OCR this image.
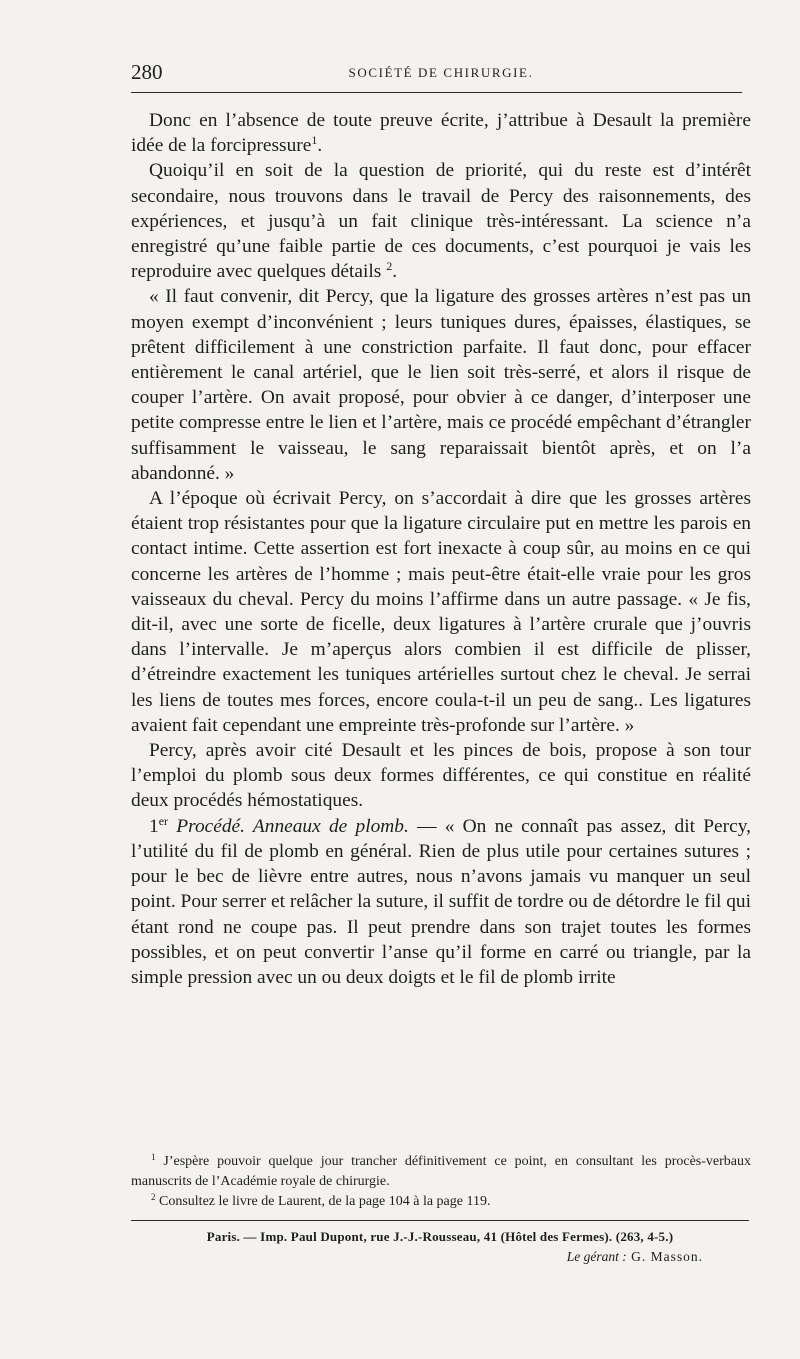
280	SOCIÉTÉ DE CHIRURGIE.

Donc en l’absence de toute preuve écrite, j’attribue à Desault la première idée de la forcipressure$^1$.

Quoiqu’il en soit de la question de priorité, qui du reste est d’intérêt secondaire, nous trouvons dans le travail de Percy des raisonnements, des expériences, et jusqu’à un fait clinique très-intéressant. La science n’a enregistré qu’une faible partie de ces documents, c’est pourquoi je vais les reproduire avec quelques détails $^2$.

« Il faut convenir, dit Percy, que la ligature des grosses artères n’est pas un moyen exempt d’inconvénient ; leurs tuniques dures, épaisses, élastiques, se prêtent difficilement à une constriction parfaite. Il faut donc, pour effacer entièrement le canal artériel, que le lien soit très-serré, et alors il risque de couper l’artère. On avait proposé, pour obvier à ce danger, d’interposer une petite compresse entre le lien et l’artère, mais ce procédé empêchant d’étrangler suffisamment le vaisseau, le sang reparaissait bientôt après, et on l’a abandonné. »

A l’époque où écrivait Percy, on s’accordait à dire que les grosses artères étaient trop résistantes pour que la ligature circulaire put en mettre les parois en contact intime. Cette assertion est fort inexacte à coup sûr, au moins en ce qui concerne les artères de l’homme ; mais peut-être était-elle vraie pour les gros vaisseaux du cheval. Percy du moins l’affirme dans un autre passage. « Je fis, dit-il, avec une sorte de ficelle, deux ligatures à l’artère crurale que j’ouvris dans l’intervalle. Je m’aperçus alors combien il est difficile de plisser, d’étreindre exactement les tuniques artérielles surtout chez le cheval. Je serrai les liens de toutes mes forces, encore coula-t-il un peu de sang.. Les ligatures avaient fait cependant une empreinte très-profonde sur l’artère. »

Percy, après avoir cité Desault et les pinces de bois, propose à son tour l’emploi du plomb sous deux formes différentes, ce qui constitue en réalité deux procédés hémostatiques.

1er Procédé. Anneaux de plomb. — « On ne connaît pas assez, dit Percy, l’utilité du fil de plomb en général. Rien de plus utile pour certaines sutures ; pour le bec de lièvre entre autres, nous n’avons jamais vu manquer un seul point. Pour serrer et relâcher la suture, il suffit de tordre ou de détordre le fil qui étant rond ne coupe pas. Il peut prendre dans son trajet toutes les formes possibles, et on peut convertir l’anse qu’il forme en carré ou triangle, par la simple pression avec un ou deux doigts et le fil de plomb irrite

$^1$ J’espère pouvoir quelque jour trancher définitivement ce point, en consultant les procès-verbaux manuscrits de l’Académie royale de chirurgie.

$^2$ Consultez le livre de Laurent, de la page 104 à la page 119.

Paris. — Imp. Paul Dupont, rue J.-J.-Rousseau, 41 (Hôtel des Fermes). (263, 4-5.)
Le gérant : G. Masson.
